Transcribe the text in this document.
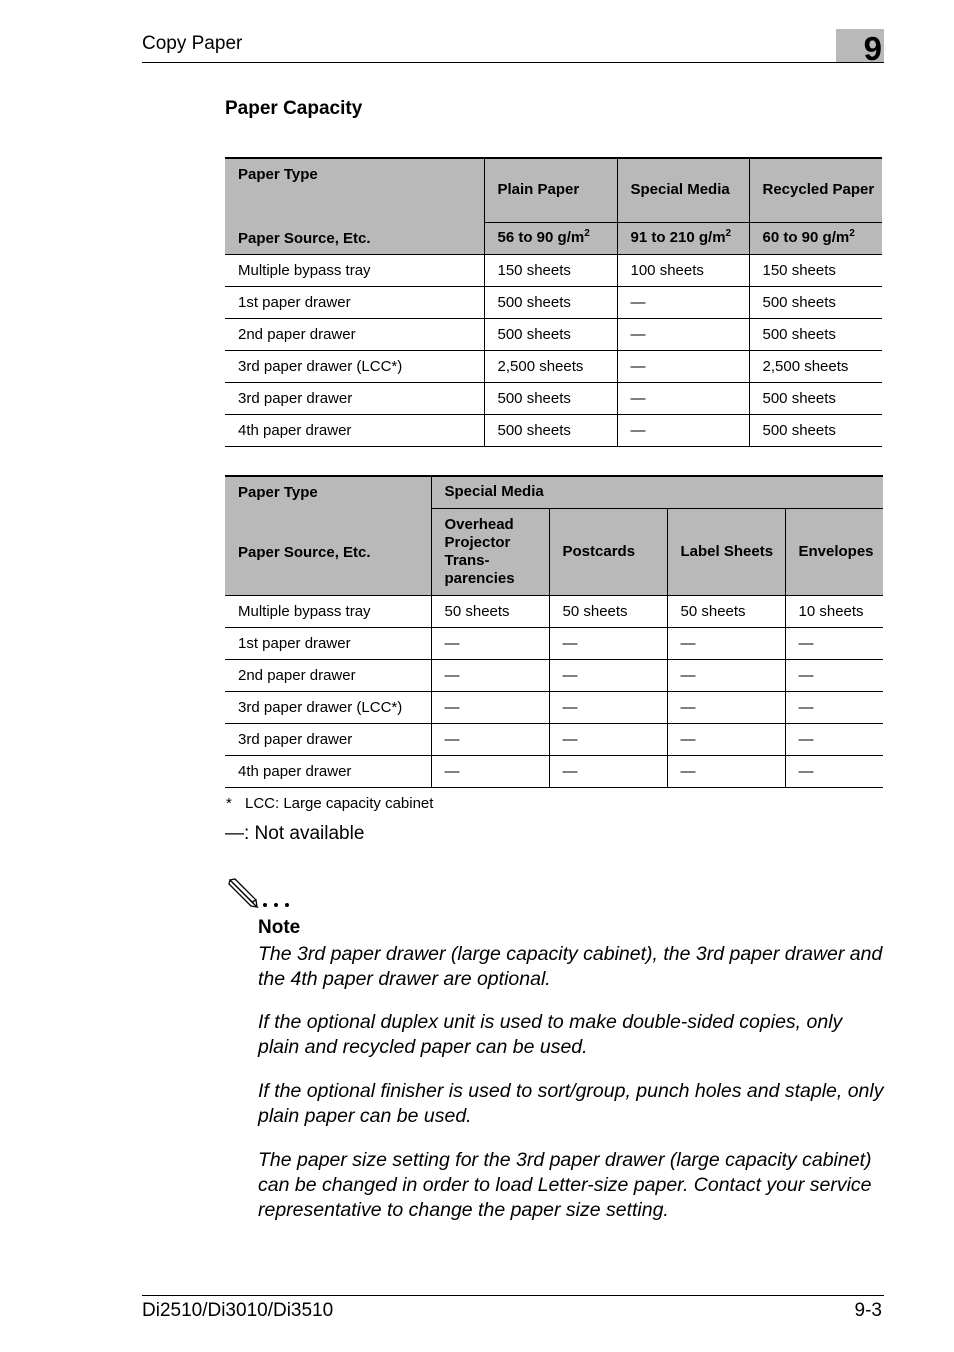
Copy Paper	9
Paper Capacity
Paper Type
Paper Source, Etc.	Plain Paper	Special Media	Recycled Paper
	56 to 90 $g/m^2$	91 to 210 $g/m^2$	60 to 90 $g/m^2$
Multiple bypass tray	150 sheets	100 sheets	150 sheets
1st paper drawer	500 sheets	—	500 sheets
2nd paper drawer	500 sheets	—	500 sheets
3rd paper drawer (LCC*)	2,500 sheets	—	2,500 sheets
3rd paper drawer	500 sheets	—	500 sheets
4th paper drawer	500 sheets	—	500 sheets
Paper Type
Paper Source, Etc.	Special Media			
	Overhead Projector Trans- parencies	Postcards	Label Sheets	Envelopes
Multiple bypass tray	50 sheets	50 sheets	50 sheets	10 sheets
1st paper drawer	—	—	—	—
2nd paper drawer	—	—	—	—
3rd paper drawer (LCC*)	—	—	—	—
3rd paper drawer	—	—	—	—
4th paper drawer	—	—	—	—
* LCC: Large capacity cabinet
—: Not available
Note

The 3rd paper drawer (large capacity cabinet), the 3rd paper drawer and the 4th paper drawer are optional.

If the optional duplex unit is used to make double-sided copies, only plain and recycled paper can be used.

If the optional finisher is used to sort/group, punch holes and staple, only plain paper can be used.

The paper size setting for the 3rd paper drawer (large capacity cabinet) can be changed in order to load Letter-size paper. Contact your service representative to change the paper size setting.

Di2510/Di3010/Di3510	9-3
